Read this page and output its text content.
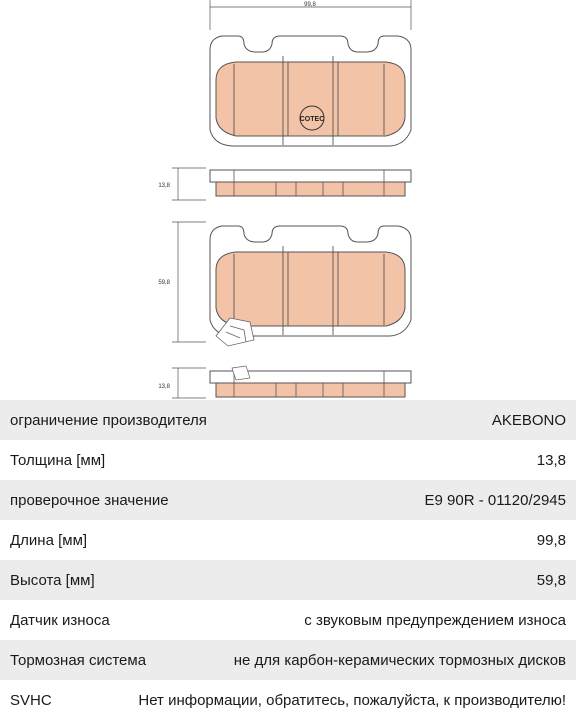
99,8
COTEC
13,8
59,8
13,8
ограничение производителя	AKEBONO
Толщина [мм]	13,8
проверочное значение	E9 90R - 01120/2945
Длина [мм]	99,8
Высота [мм]	59,8
Датчик износа	с звуковым предупреждением износа
Тормозная система	не для карбон-керамических тормозных дисков
SVHC	Нет информации, обратитесь, пожалуйста, к производителю!
